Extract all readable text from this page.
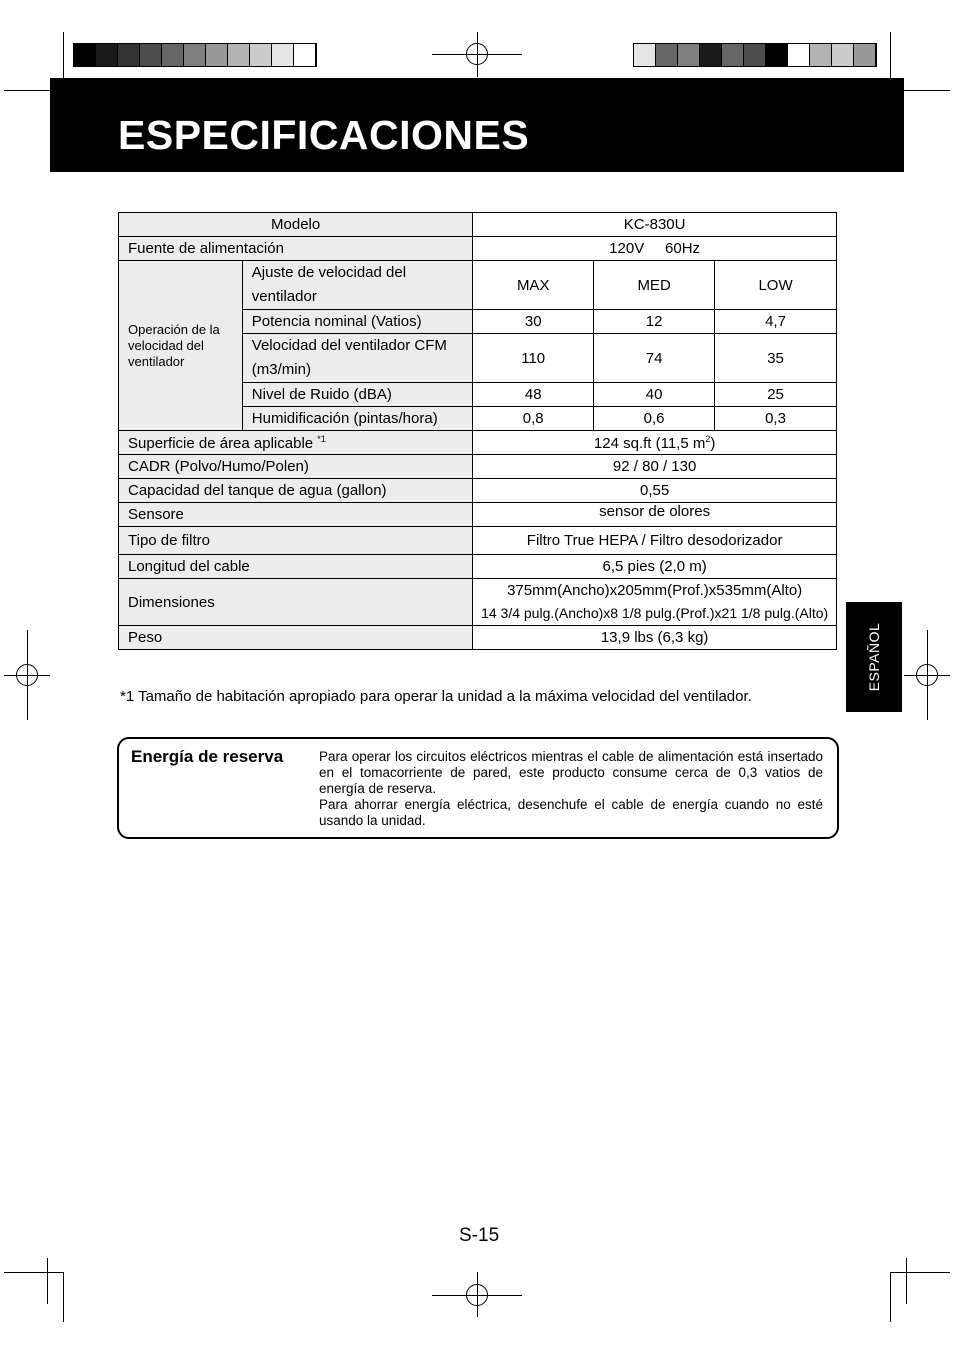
ESPECIFICACIONES
Modelo		KC-830U		
Fuente de alimentación		120V     60Hz		
Operación de la velocidad del ventilador	Ajuste de velocidad del ventilador	MAX	MED	LOW
	Potencia nominal (Vatios)	30	12	4,7
	Velocidad del ventilador CFM (m3/min)	110	74	35
	Nivel de Ruido (dBA)	48	40	25
	Humidificación (pintas/hora)	0,8	0,6	0,3
Superficie de área aplicable $^{*1}$		124 sq.ft (11,5 $m^2$)		
CADR (Polvo/Humo/Polen)		92 / 80 / 130		
Capacidad del tanque de agua (gallon)		0,55		
Sensore		sensor de olores		
Tipo de filtro		Filtro True HEPA / Filtro desodorizador		
Longitud del cable		6,5 pies (2,0 m)		
Dimensiones		375mm(Ancho)x205mm(Prof.)x535mm(Alto)
14 3/4 pulg.(Ancho)x8 1/8 pulg.(Prof.)x21 1/8 pulg.(Alto)		

Peso		13,9 lbs (6,3 kg)		
*1 Tamaño de habitación apropiado para operar la unidad a la máxima velocidad del ventilador.
ESPAÑOL
Energía de reserva	Para operar los circuitos eléctricos mientras el cable de alimentación está insertado en el tomacorriente de pared, este producto consume cerca de 0,3 vatios de energía de reserva.

Para ahorrar energía eléctrica, desenchufe el cable de energía cuando no esté usando la unidad.

S-15
